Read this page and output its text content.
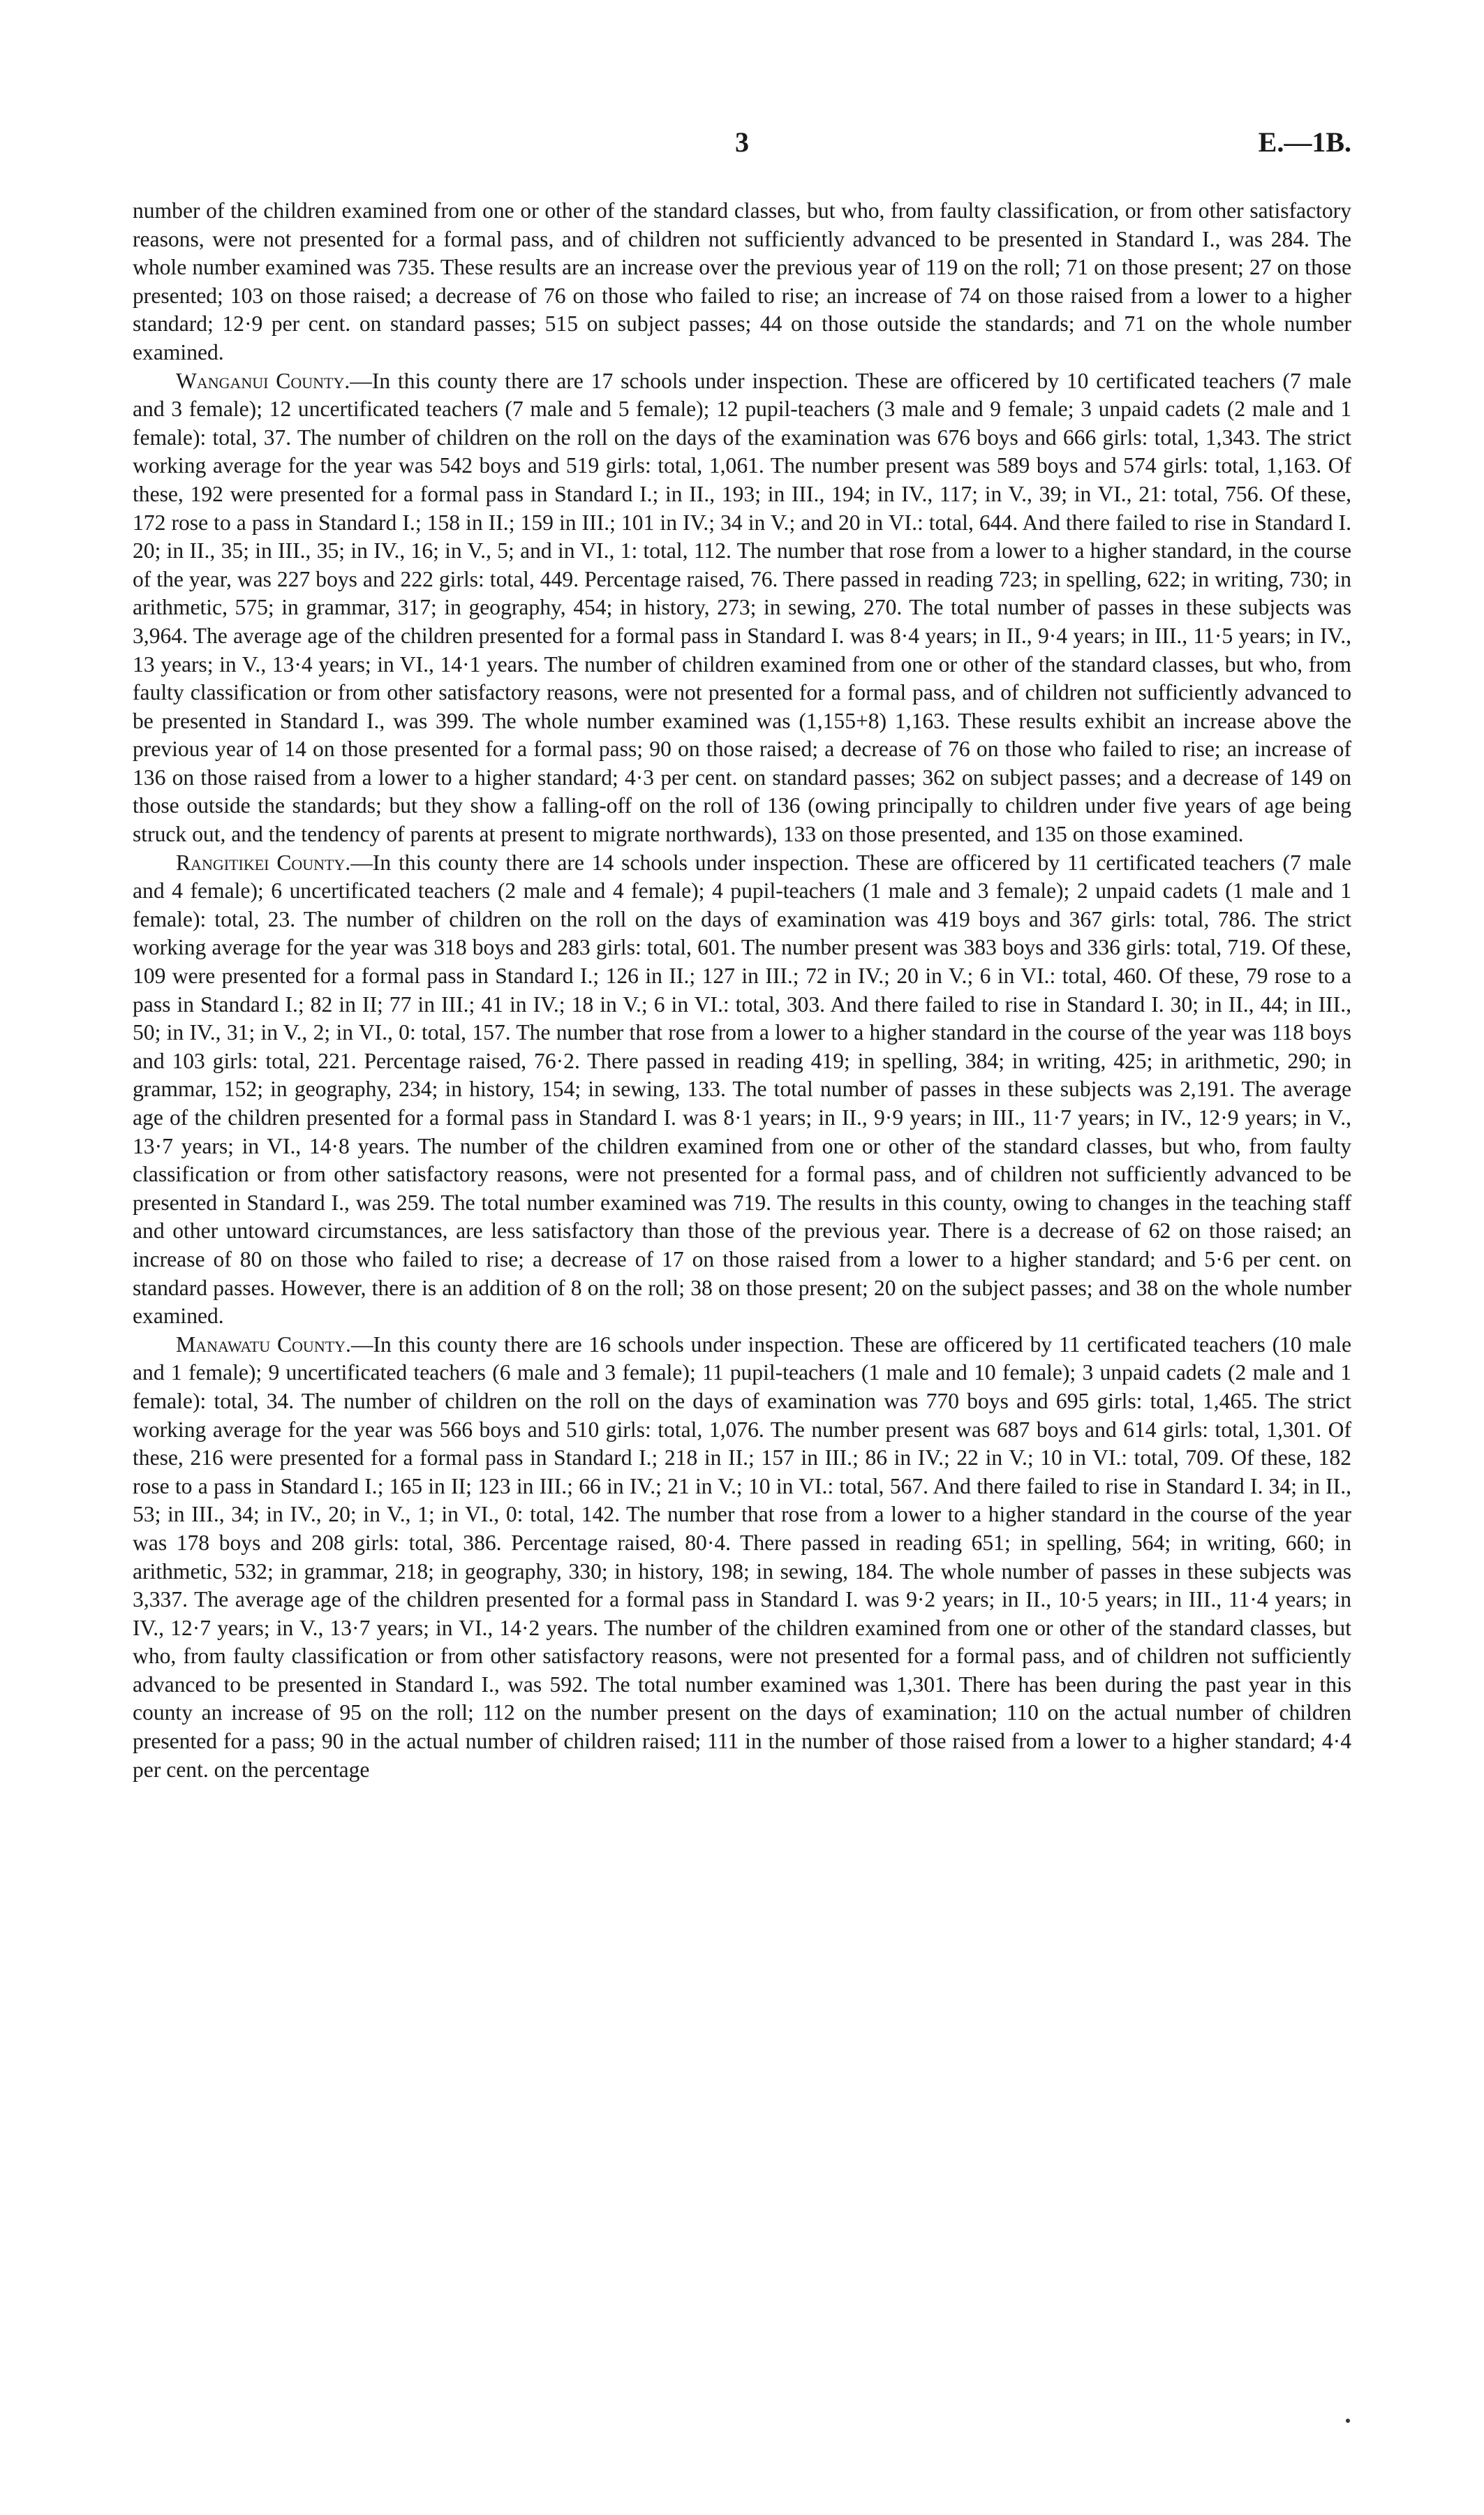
3	E.—1B.

number of the children examined from one or other of the standard classes, but who, from faulty classification, or from other satisfactory reasons, were not presented for a formal pass, and of children not sufficiently advanced to be presented in Standard I., was 284. The whole number examined was 735. These results are an increase over the previous year of 119 on the roll; 71 on those present; 27 on those presented; 103 on those raised; a decrease of 76 on those who failed to rise; an increase of 74 on those raised from a lower to a higher standard; 12·9 per cent. on standard passes; 515 on subject passes; 44 on those outside the standards; and 71 on the whole number examined.

Wanganui County.—In this county there are 17 schools under inspection. These are officered by 10 certificated teachers (7 male and 3 female); 12 uncertificated teachers (7 male and 5 female); 12 pupil-teachers (3 male and 9 female; 3 unpaid cadets (2 male and 1 female): total, 37. The number of children on the roll on the days of the examination was 676 boys and 666 girls: total, 1,343. The strict working average for the year was 542 boys and 519 girls: total, 1,061. The number present was 589 boys and 574 girls: total, 1,163. Of these, 192 were presented for a formal pass in Standard I.; in II., 193; in III., 194; in IV., 117; in V., 39; in VI., 21: total, 756. Of these, 172 rose to a pass in Standard I.; 158 in II.; 159 in III.; 101 in IV.; 34 in V.; and 20 in VI.: total, 644. And there failed to rise in Standard I. 20; in II., 35; in III., 35; in IV., 16; in V., 5; and in VI., 1: total, 112. The number that rose from a lower to a higher standard, in the course of the year, was 227 boys and 222 girls: total, 449. Percentage raised, 76. There passed in reading 723; in spelling, 622; in writing, 730; in arithmetic, 575; in grammar, 317; in geography, 454; in history, 273; in sewing, 270. The total number of passes in these subjects was 3,964. The average age of the children presented for a formal pass in Standard I. was 8·4 years; in II., 9·4 years; in III., 11·5 years; in IV., 13 years; in V., 13·4 years; in VI., 14·1 years. The number of children examined from one or other of the standard classes, but who, from faulty classification or from other satisfactory reasons, were not presented for a formal pass, and of children not sufficiently advanced to be presented in Standard I., was 399. The whole number examined was (1,155+8) 1,163. These results exhibit an increase above the previous year of 14 on those presented for a formal pass; 90 on those raised; a decrease of 76 on those who failed to rise; an increase of 136 on those raised from a lower to a higher standard; 4·3 per cent. on standard passes; 362 on subject passes; and a decrease of 149 on those outside the standards; but they show a falling-off on the roll of 136 (owing principally to children under five years of age being struck out, and the tendency of parents at present to migrate northwards), 133 on those presented, and 135 on those examined.

Rangitikei County.—In this county there are 14 schools under inspection. These are officered by 11 certificated teachers (7 male and 4 female); 6 uncertificated teachers (2 male and 4 female); 4 pupil-teachers (1 male and 3 female); 2 unpaid cadets (1 male and 1 female): total, 23. The number of children on the roll on the days of examination was 419 boys and 367 girls: total, 786. The strict working average for the year was 318 boys and 283 girls: total, 601. The number present was 383 boys and 336 girls: total, 719. Of these, 109 were presented for a formal pass in Standard I.; 126 in II.; 127 in III.; 72 in IV.; 20 in V.; 6 in VI.: total, 460. Of these, 79 rose to a pass in Standard I.; 82 in II; 77 in III.; 41 in IV.; 18 in V.; 6 in VI.: total, 303. And there failed to rise in Standard I. 30; in II., 44; in III., 50; in IV., 31; in V., 2; in VI., 0: total, 157. The number that rose from a lower to a higher standard in the course of the year was 118 boys and 103 girls: total, 221. Percentage raised, 76·2. There passed in reading 419; in spelling, 384; in writing, 425; in arithmetic, 290; in grammar, 152; in geography, 234; in history, 154; in sewing, 133. The total number of passes in these subjects was 2,191. The average age of the children presented for a formal pass in Standard I. was 8·1 years; in II., 9·9 years; in III., 11·7 years; in IV., 12·9 years; in V., 13·7 years; in VI., 14·8 years. The number of the children examined from one or other of the standard classes, but who, from faulty classification or from other satisfactory reasons, were not presented for a formal pass, and of children not sufficiently advanced to be presented in Standard I., was 259. The total number examined was 719. The results in this county, owing to changes in the teaching staff and other untoward circumstances, are less satisfactory than those of the previous year. There is a decrease of 62 on those raised; an increase of 80 on those who failed to rise; a decrease of 17 on those raised from a lower to a higher standard; and 5·6 per cent. on standard passes. However, there is an addition of 8 on the roll; 38 on those present; 20 on the subject passes; and 38 on the whole number examined.

Manawatu County.—In this county there are 16 schools under inspection. These are officered by 11 certificated teachers (10 male and 1 female); 9 uncertificated teachers (6 male and 3 female); 11 pupil-teachers (1 male and 10 female); 3 unpaid cadets (2 male and 1 female): total, 34. The number of children on the roll on the days of examination was 770 boys and 695 girls: total, 1,465. The strict working average for the year was 566 boys and 510 girls: total, 1,076. The number present was 687 boys and 614 girls: total, 1,301. Of these, 216 were presented for a formal pass in Standard I.; 218 in II.; 157 in III.; 86 in IV.; 22 in V.; 10 in VI.: total, 709. Of these, 182 rose to a pass in Standard I.; 165 in II; 123 in III.; 66 in IV.; 21 in V.; 10 in VI.: total, 567. And there failed to rise in Standard I. 34; in II., 53; in III., 34; in IV., 20; in V., 1; in VI., 0: total, 142. The number that rose from a lower to a higher standard in the course of the year was 178 boys and 208 girls: total, 386. Percentage raised, 80·4. There passed in reading 651; in spelling, 564; in writing, 660; in arithmetic, 532; in grammar, 218; in geography, 330; in history, 198; in sewing, 184. The whole number of passes in these subjects was 3,337. The average age of the children presented for a formal pass in Standard I. was 9·2 years; in II., 10·5 years; in III., 11·4 years; in IV., 12·7 years; in V., 13·7 years; in VI., 14·2 years. The number of the children examined from one or other of the standard classes, but who, from faulty classification or from other satisfactory reasons, were not presented for a formal pass, and of children not sufficiently advanced to be presented in Standard I., was 592. The total number examined was 1,301. There has been during the past year in this county an increase of 95 on the roll; 112 on the number present on the days of examination; 110 on the actual number of children presented for a pass; 90 in the actual number of children raised; 111 in the number of those raised from a lower to a higher standard; 4·4 per cent. on the percentage
